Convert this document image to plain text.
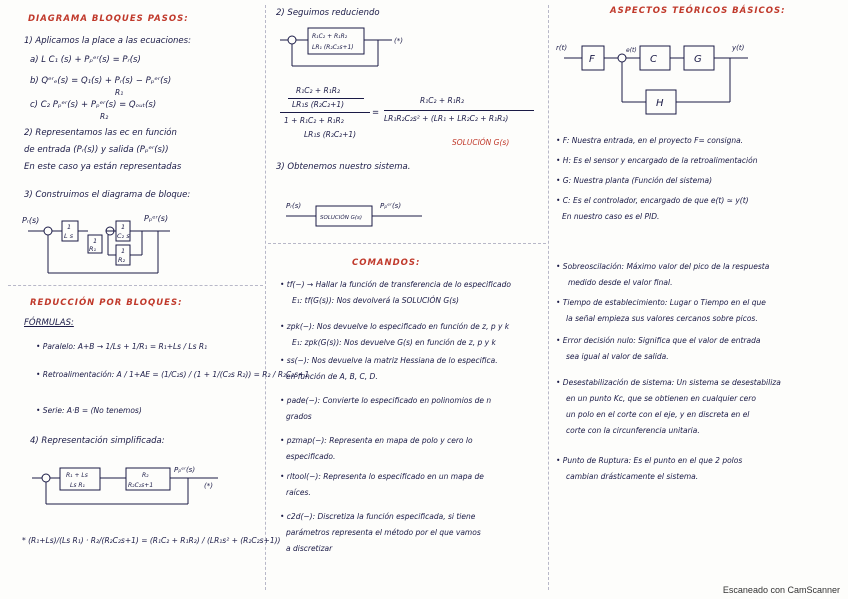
DIAGRAMA BLOQUES PASOS:
1) Aplicamos la place a las ecuaciones:
a) L C₁ (s) + Pₚᵉʳ(s) = Pᵣ(s)
b) Qᵉʳₑ(s) = Q₁(s) + Pᵣ(s) − Pₚᵉʳ(s)
R₁
c) C₂ Pₚᵉʳ(s) + Pₚᵉʳ(s) = Qₒᵤₜ(s)
R₂
2) Representamos las ec en función
de entrada (Pᵣ(s)) y salida (Pₚᵉʳ(s))
En este caso ya están representadas
3) Construimos el diagrama de bloque:
Pᵣ(s)	Pₚᵉʳ(s)
1
L s
1
R₁
1
C₂ s
1
R₂
REDUCCIÓN POR BLOQUES:
FÓRMULAS:
• Paralelo: A+B → 1/Ls + 1/R₁ = R₁+Ls / Ls R₁
• Retroalimentación: A / 1+AE = (1/C₂s) / (1 + 1/(C₂s R₂)) = R₂ / R₂C₂s+1
• Serie: A·B = (No tenemos)
4) Representación simplificada:
R₁ + Ls
Ls R₁
R₂
R₂C₂s+1
Pₚᵉʳ(s)
(*)
* (R₁+Ls)/(Ls R₁) · R₂/(R₂C₂s+1) = (R₁C₂ + R₁R₂) / (LR₁s² + (R₂C₂s+1))
2) Seguimos reduciendo
R₁C₂ + R₁R₂
LR₁ (R₂C₂s+1)
(*)
R₁C₂ + R₁R₂
LR₁s (R₂C₂+1)
1 + R₁C₂ + R₁R₂
LR₁s (R₂C₂+1)
=
R₁C₂ + R₁R₂
LR₁R₂C₂s² + (LR₁ + LR₂C₂ + R₁R₂)
SOLUCIÓN G(s)
3) Obtenemos nuestro sistema.
Pᵣ(s)
SOLUCIÓN G(s)
Pₚᵉʳ(s)
COMANDOS:
• tf(−) → Hallar la función de transferencia de lo especificado
E₁: tf(G(s)): Nos devolverá la SOLUCIÓN G(s)
• zpk(−): Nos devuelve lo especificado en función de z, p y k
E₁: zpk(G(s)): Nos devuelve G(s) en función de z, p y k
• ss(−): Nos devuelve la matriz Hessiana de lo especifica.
en función de A, B, C, D.
• pade(−): Convierte lo especificado en polinomios de n
grados
• pzmap(−): Representa en mapa de polo y cero lo
especificado.
• rltool(−): Representa lo especificado en un mapa de
raíces.
• c2d(−): Discretiza la función especificada, si tiene
parámetros representa el método por el que vamos
a discretizar
ASPECTOS TEÓRICOS BÁSICOS:
r(t)	e(t)	y(t)
F	C	G
H
• F: Nuestra entrada, en el proyecto F= consigna.
• H: Es el sensor y encargado de la retroalimentación
• G: Nuestra planta (Función del sistema)
• C: Es el controlador, encargado de que e(t) ≃ y(t)
En nuestro caso es el PID.
• Sobreoscilación: Máximo valor del pico de la respuesta
medido desde el valor final.
• Tiempo de establecimiento: Lugar o Tiempo en el que
la señal empieza sus valores cercanos sobre picos.
• Error decisión nulo: Significa que el valor de entrada
sea igual al valor de salida.
• Desestabilización de sistema: Un sistema se desestabiliza
en un punto Kc, que se obtienen en cualquier cero
un polo en el corte con el eje, y en discreta en el
corte con la circunferencia unitaria.
• Punto de Ruptura: Es el punto en el que 2 polos
cambian drásticamente el sistema.
Escaneado con CamScanner
